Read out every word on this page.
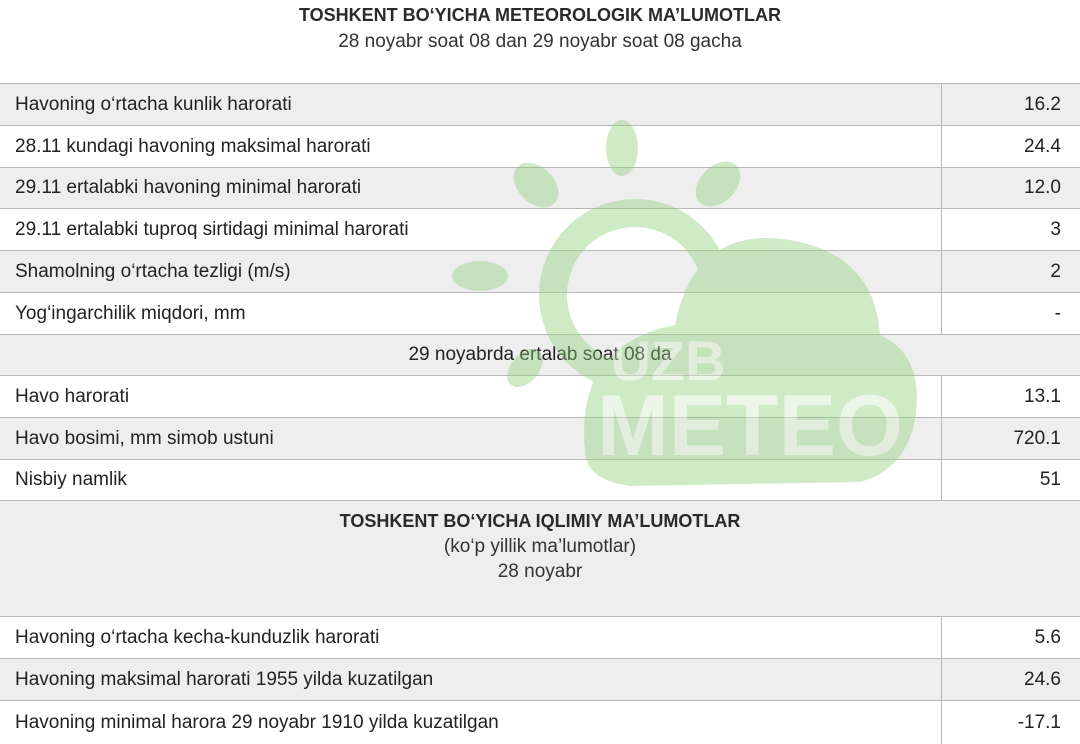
TOSHKENT BO‘YICHA METEOROLOGIK MA’LUMOTLAR
28 noyabr soat 08 dan 29 noyabr soat 08 gacha
Havoning o‘rtacha kunlik harorati	16.2
28.11 kundagi havoning maksimal harorati	24.4
29.11 ertalabki havoning minimal harorati	12.0
29.11 ertalabki tuproq sirtidagi minimal harorati	3
Shamolning o‘rtacha tezligi (m/s)	2
Yog‘ingarchilik miqdori, mm	-
29 noyabrda ertalab soat 08 da
Havo harorati	13.1
Havo bosimi, mm simob ustuni	720.1
Nisbiy namlik	51
TOSHKENT BO‘YICHA IQLIMIY MA’LUMOTLAR
(ko‘p yillik ma’lumotlar)
28 noyabr
Havoning o‘rtacha kecha-kunduzlik harorati	5.6
Havoning maksimal harorati 1955 yilda kuzatilgan	24.6
Havoning minimal harora 29 noyabr 1910 yilda kuzatilgan	-17.1
UZB
METEO
